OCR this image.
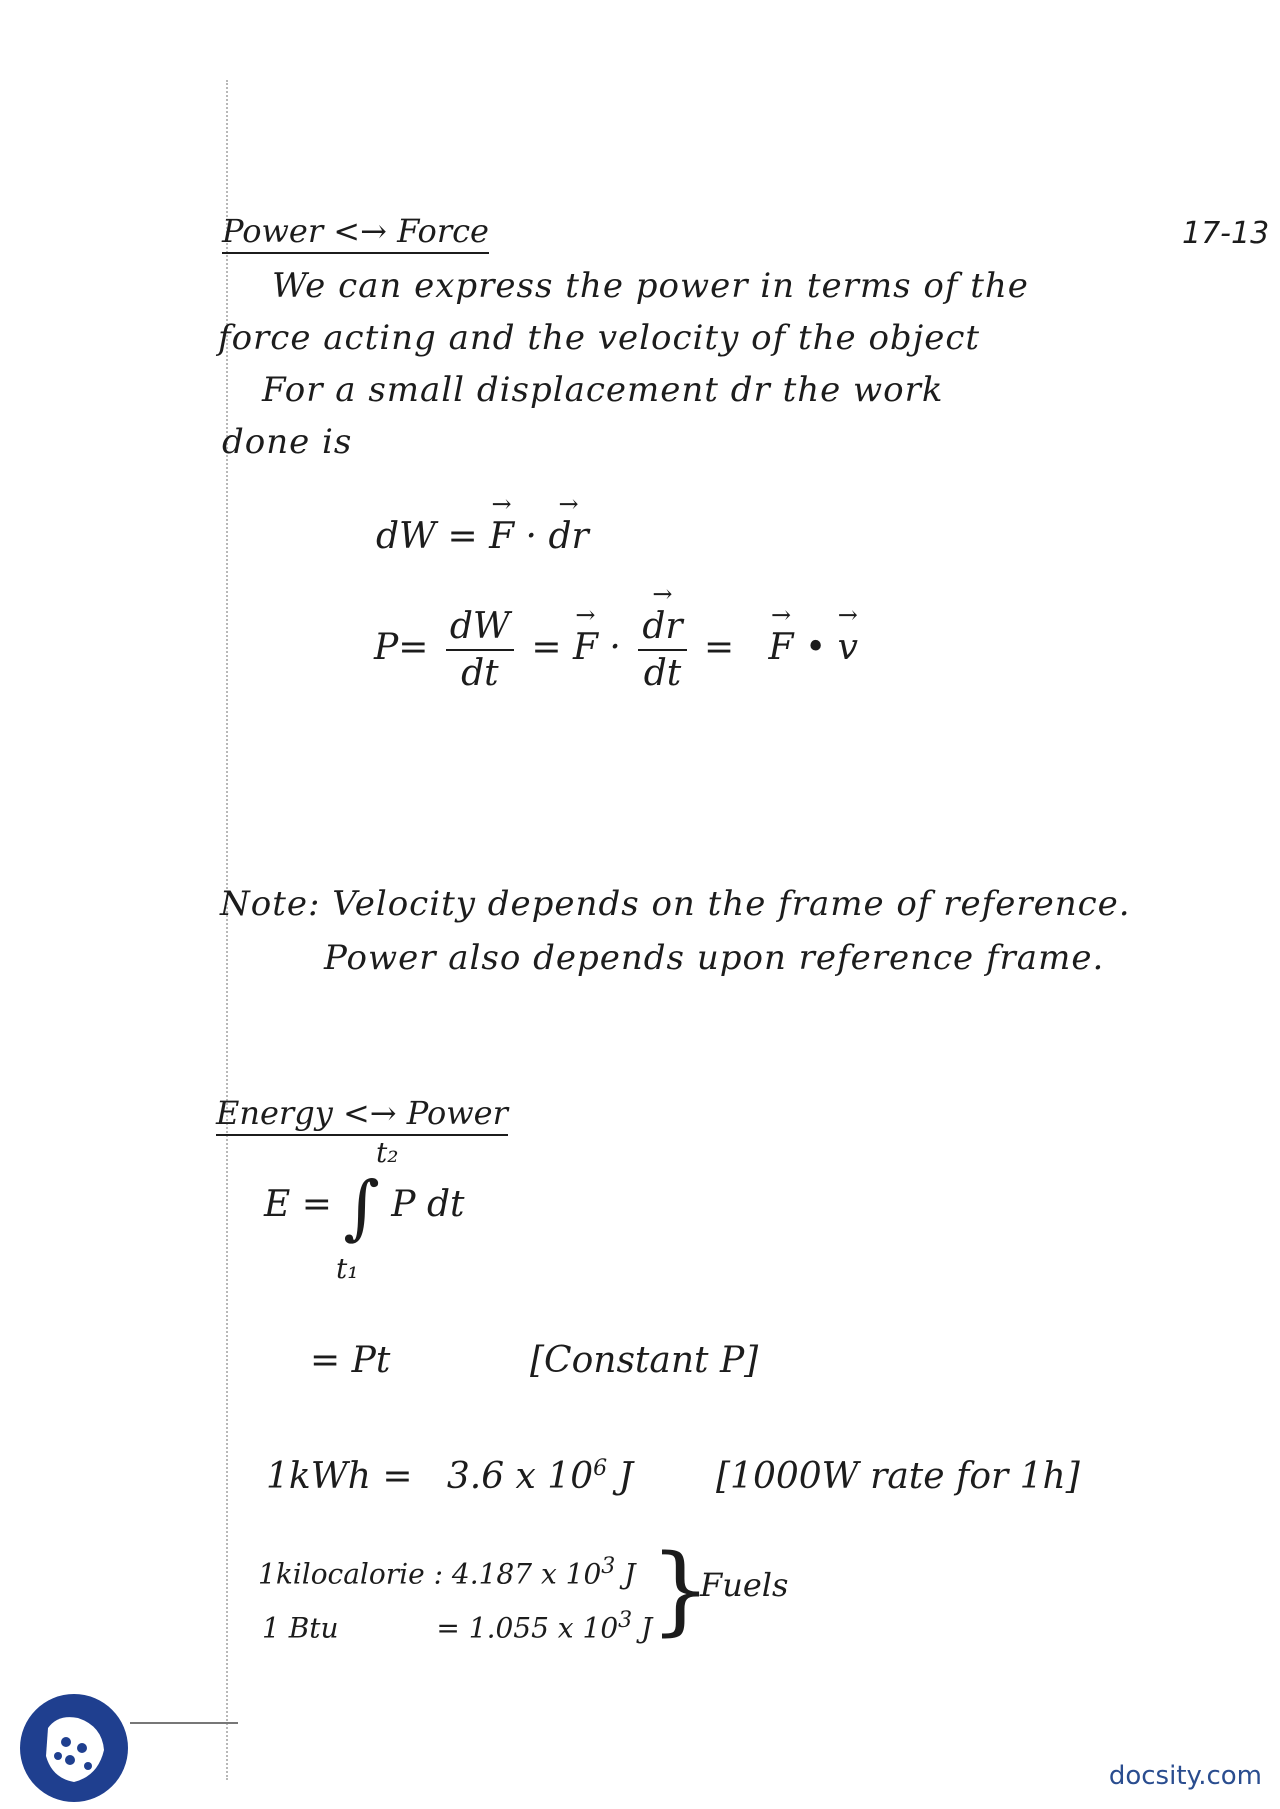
17-13
Power <→ Force
We can express the power in terms of the
force acting and the velocity of the object
For a small displacement dr the work
done is
dW = → F · → dr
$P= \frac{dW}{dt}$ = → F · → $\frac{dr}{dt}$ = → F • → v
Note: Velocity depends on the frame of reference.
Power also depends upon reference frame.
Energy <→ Power
t₂
E = ∫ P dt
t₁
= Pt	[Constant P]
1kWh = 3.6 x $10^6$ J [1000W rate for 1h]
1kilocalorie : 4.187 x $10^3$ J
1 Btu	= 1.055 x $10^3$ J
}
Fuels
docsity.com
